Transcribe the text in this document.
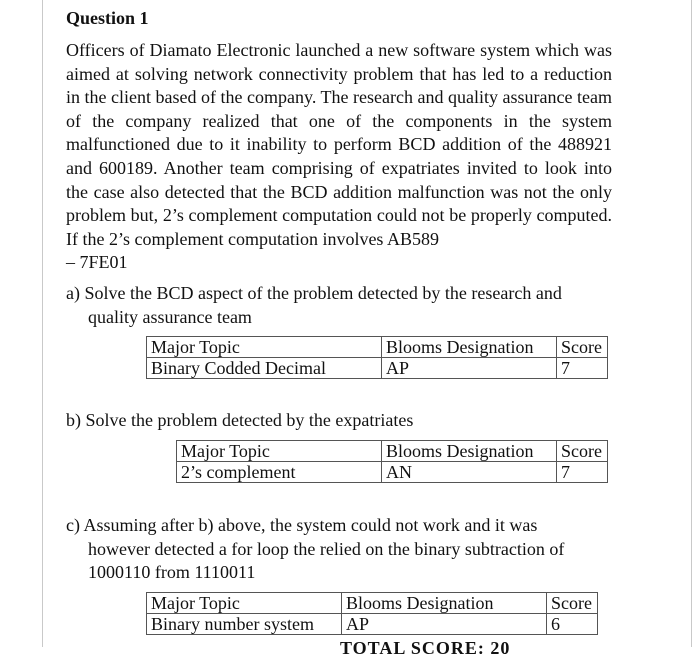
Question 1
Officers of Diamato Electronic launched a new software system which was aimed at solving network connectivity problem that has led to a reduction in the client based of the company. The research and quality assurance team of the company realized that one of the components in the system malfunctioned due to it inability to perform BCD addition of the 488921 and 600189. Another team comprising of expatriates invited to look into the case also detected that the BCD addition malfunction was not the only problem but, 2’s complement computation could not be properly computed. If the 2’s complement computation involves AB589
– 7FE01
a) Solve the BCD aspect of the problem detected by the research and
quality assurance team
Major Topic	Blooms Designation	Score
Binary Codded Decimal	AP	7
b) Solve the problem detected by the expatriates
Major Topic	Blooms Designation	Score
2’s complement	AN	7
c) Assuming after b) above, the system could not work and it was
however detected a for loop the relied on the binary subtraction of
1000110 from 1110011
Major Topic	Blooms Designation	Score
Binary number system	AP	6
TOTAL SCORE: 20
